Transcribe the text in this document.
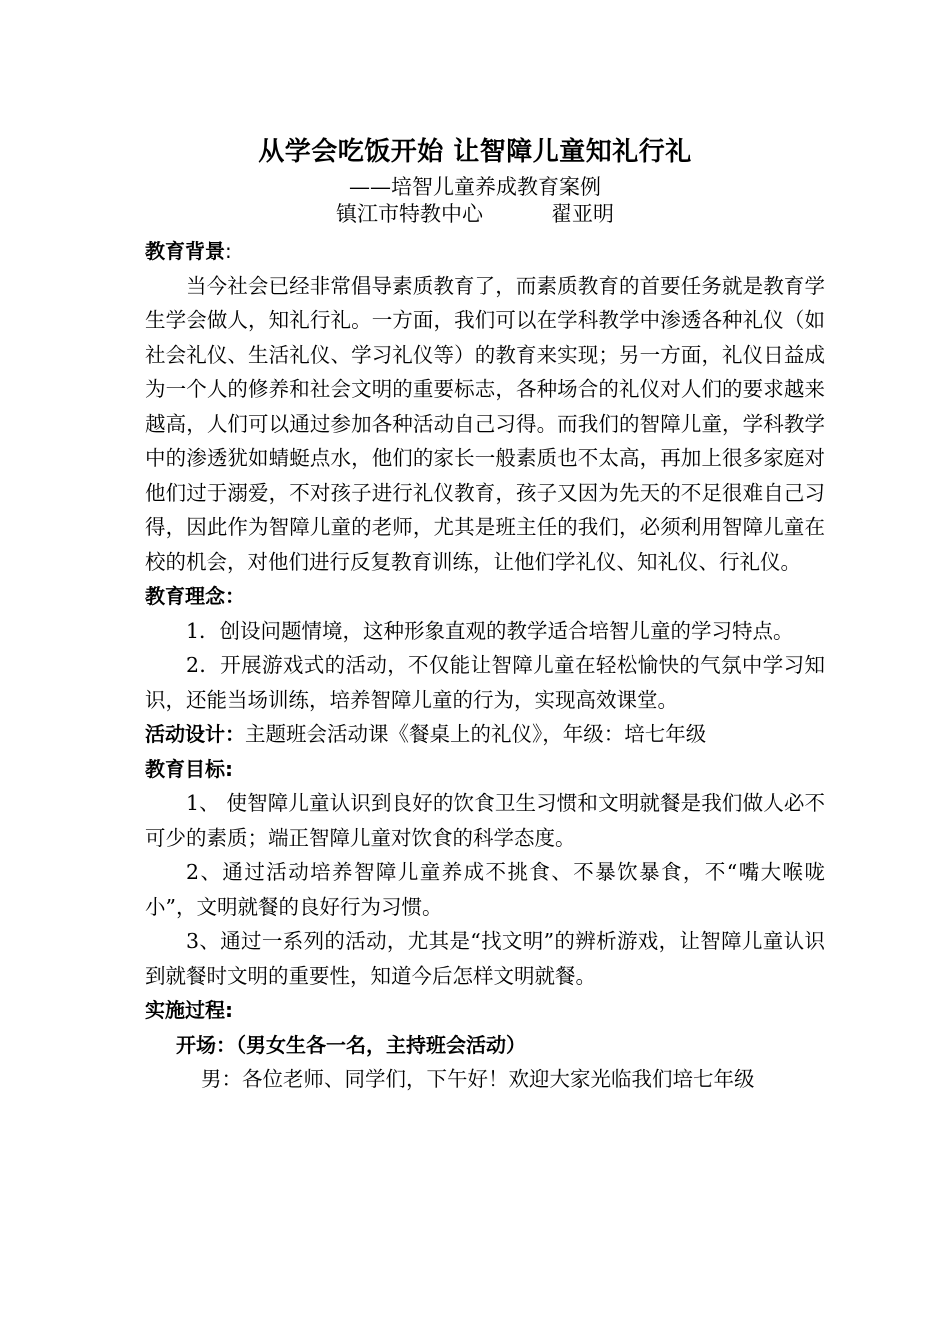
从学会吃饭开始 让智障儿童知礼行礼
——培智儿童养成教育案例
镇江市特教中心	翟亚明

教育背景:

当今社会已经非常倡导素质教育了，而素质教育的首要任务就是教育学生学会做人，知礼行礼。一方面，我们可以在学科教学中渗透各种礼仪（如社会礼仪、生活礼仪、学习礼仪等）的教育来实现；另一方面，礼仪日益成为一个人的修养和社会文明的重要标志，各种场合的礼仪对人们的要求越来越高，人们可以通过参加各种活动自己习得。而我们的智障儿童，学科教学中的渗透犹如蜻蜓点水，他们的家长一般素质也不太高，再加上很多家庭对他们过于溺爱，不对孩子进行礼仪教育，孩子又因为先天的不足很难自己习得，因此作为智障儿童的老师，尤其是班主任的我们，必须利用智障儿童在校的机会，对他们进行反复教育训练，让他们学礼仪、知礼仪、行礼仪。

教育理念：

1．创设问题情境，这种形象直观的教学适合培智儿童的学习特点。

2．开展游戏式的活动，不仅能让智障儿童在轻松愉快的气氛中学习知识，还能当场训练，培养智障儿童的行为，实现高效课堂。

活动设计：主题班会活动课《餐桌上的礼仪》，年级：培七年级

教育目标:

1、 使智障儿童认识到良好的饮食卫生习惯和文明就餐是我们做人必不可少的素质；端正智障儿童对饮食的科学态度。

2、通过活动培养智障儿童养成不挑食、不暴饮暴食，不“嘴大喉咙小”，文明就餐的良好行为习惯。

3、通过一系列的活动，尤其是“找文明”的辨析游戏，让智障儿童认识到就餐时文明的重要性，知道今后怎样文明就餐。

实施过程:

开场：（男女生各一名，主持班会活动）

男：各位老师、同学们，下午好！欢迎大家光临我们培七年级
